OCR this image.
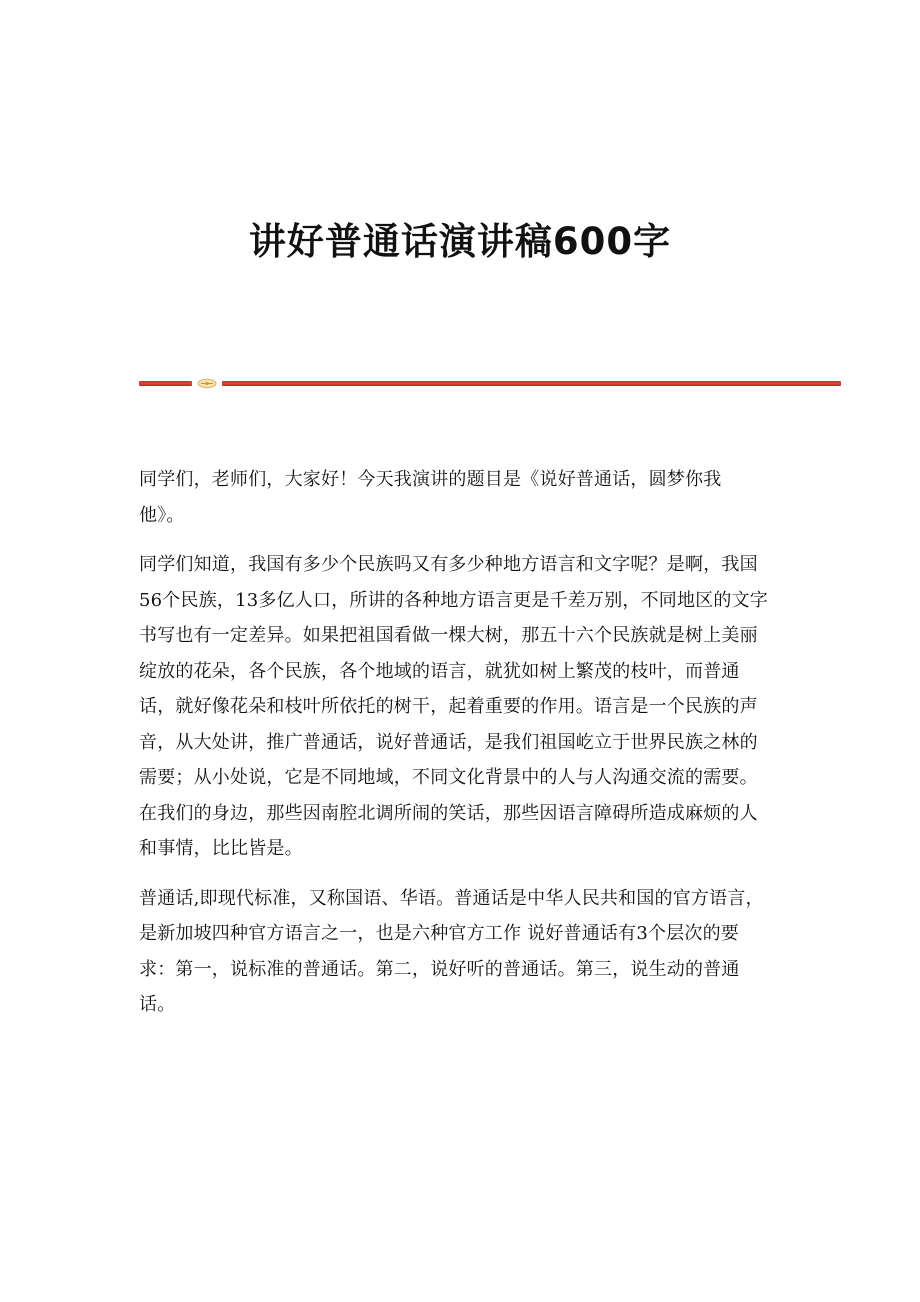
讲好普通话演讲稿600字

同学们，老师们，大家好！今天我演讲的题目是《说好普通话，圆梦你我
他》。

同学们知道，我国有多少个民族吗又有多少种地方语言和文字呢？是啊，我国
56个民族，13多亿人口，所讲的各种地方语言更是千差万别，不同地区的文字
书写也有一定差异。如果把祖国看做一棵大树，那五十六个民族就是树上美丽
绽放的花朵，各个民族，各个地域的语言，就犹如树上繁茂的枝叶，而普通
话，就好像花朵和枝叶所依托的树干，起着重要的作用。语言是一个民族的声
音，从大处讲，推广普通话，说好普通话，是我们祖国屹立于世界民族之林的
需要；从小处说，它是不同地域，不同文化背景中的人与人沟通交流的需要。
在我们的身边，那些因南腔北调所闹的笑话，那些因语言障碍所造成麻烦的人
和事情，比比皆是。

普通话,即现代标准，又称国语、华语。普通话是中华人民共和国的官方语言，
是新加坡四种官方语言之一，也是六种官方工作 说好普通话有3个层次的要
求：第一，说标准的普通话。第二，说好听的普通话。第三，说生动的普通
话。
